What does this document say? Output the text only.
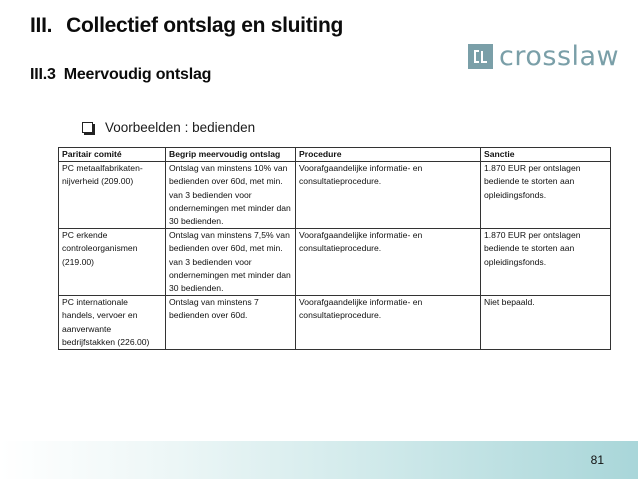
III. Collectief ontslag en sluiting
III.3 Meervoudig ontslag
crosslaw
Voorbeelden : bedienden
Paritair comité	Begrip meervoudig ontslag	Procedure	Sanctie
PC metaalfabrikaten-nijverheid (209.00)	Ontslag van minstens 10% van bedienden over 60d, met min. van 3 bedienden voor ondernemingen met minder dan 30 bedienden.	Voorafgaandelijke informatie- en consultatieprocedure.	1.870 EUR per ontslagen bediende te storten aan opleidingsfonds.
PC erkende controleorganismen (219.00)	Ontslag van minstens 7,5% van bedienden over 60d, met min. van 3 bedienden voor ondernemingen met minder dan 30 bedienden.	Voorafgaandelijke informatie- en consultatieprocedure.	1.870 EUR per ontslagen bediende te storten aan opleidingsfonds.
PC internationale handels, vervoer en aanverwante bedrijfstakken (226.00)	Ontslag van minstens 7 bedienden over 60d.	Voorafgaandelijke informatie- en consultatieprocedure.	Niet bepaald.
81
